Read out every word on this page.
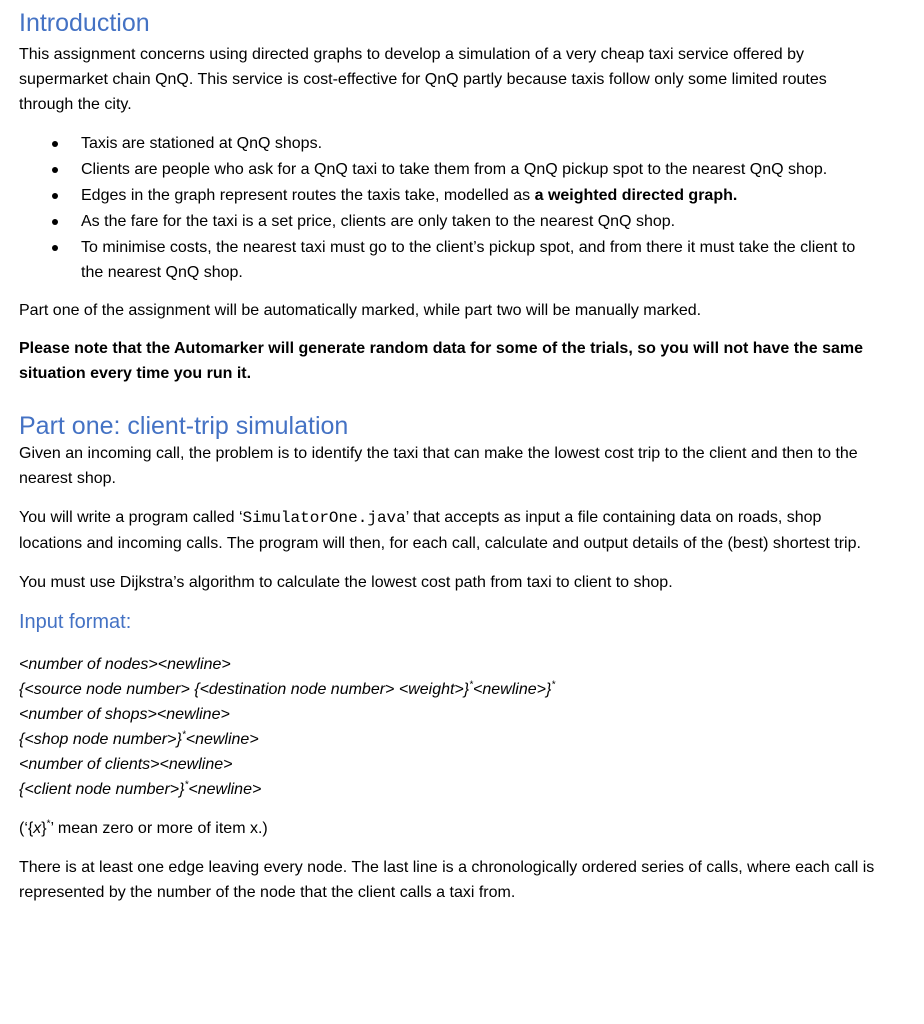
Introduction

This assignment concerns using directed graphs to develop a simulation of a very cheap taxi service offered by supermarket chain QnQ. This service is cost-effective for QnQ partly because taxis follow only some limited routes through the city.

Taxis are stationed at QnQ shops.
Clients are people who ask for a QnQ taxi to take them from a QnQ pickup spot to the nearest QnQ shop.
Edges in the graph represent routes the taxis take, modelled as a weighted directed graph.
As the fare for the taxi is a set price, clients are only taken to the nearest QnQ shop.
To minimise costs, the nearest taxi must go to the client’s pickup spot, and from there it must take the client to the nearest QnQ shop.

Part one of the assignment will be automatically marked, while part two will be manually marked.

Please note that the Automarker will generate random data for some of the trials, so you will not have the same situation every time you run it.

Part one: client-trip simulation

Given an incoming call, the problem is to identify the taxi that can make the lowest cost trip to the client and then to the nearest shop.

You will write a program called ‘SimulatorOne.java’ that accepts as input a file containing data on roads, shop locations and incoming calls. The program will then, for each call, calculate and output details of the (best) shortest trip.

You must use Dijkstra’s algorithm to calculate the lowest cost path from taxi to client to shop.

Input format:

<number of nodes><newline>

{<source node number> {<destination node number> <weight>}*<newline>}*

<number of shops><newline>

{<shop node number>}*<newline>

<number of clients><newline>

{<client node number>}*<newline>

(‘{x}*’ mean zero or more of item x.)

There is at least one edge leaving every node. The last line is a chronologically ordered series of calls, where each call is represented by the number of the node that the client calls a taxi from.
